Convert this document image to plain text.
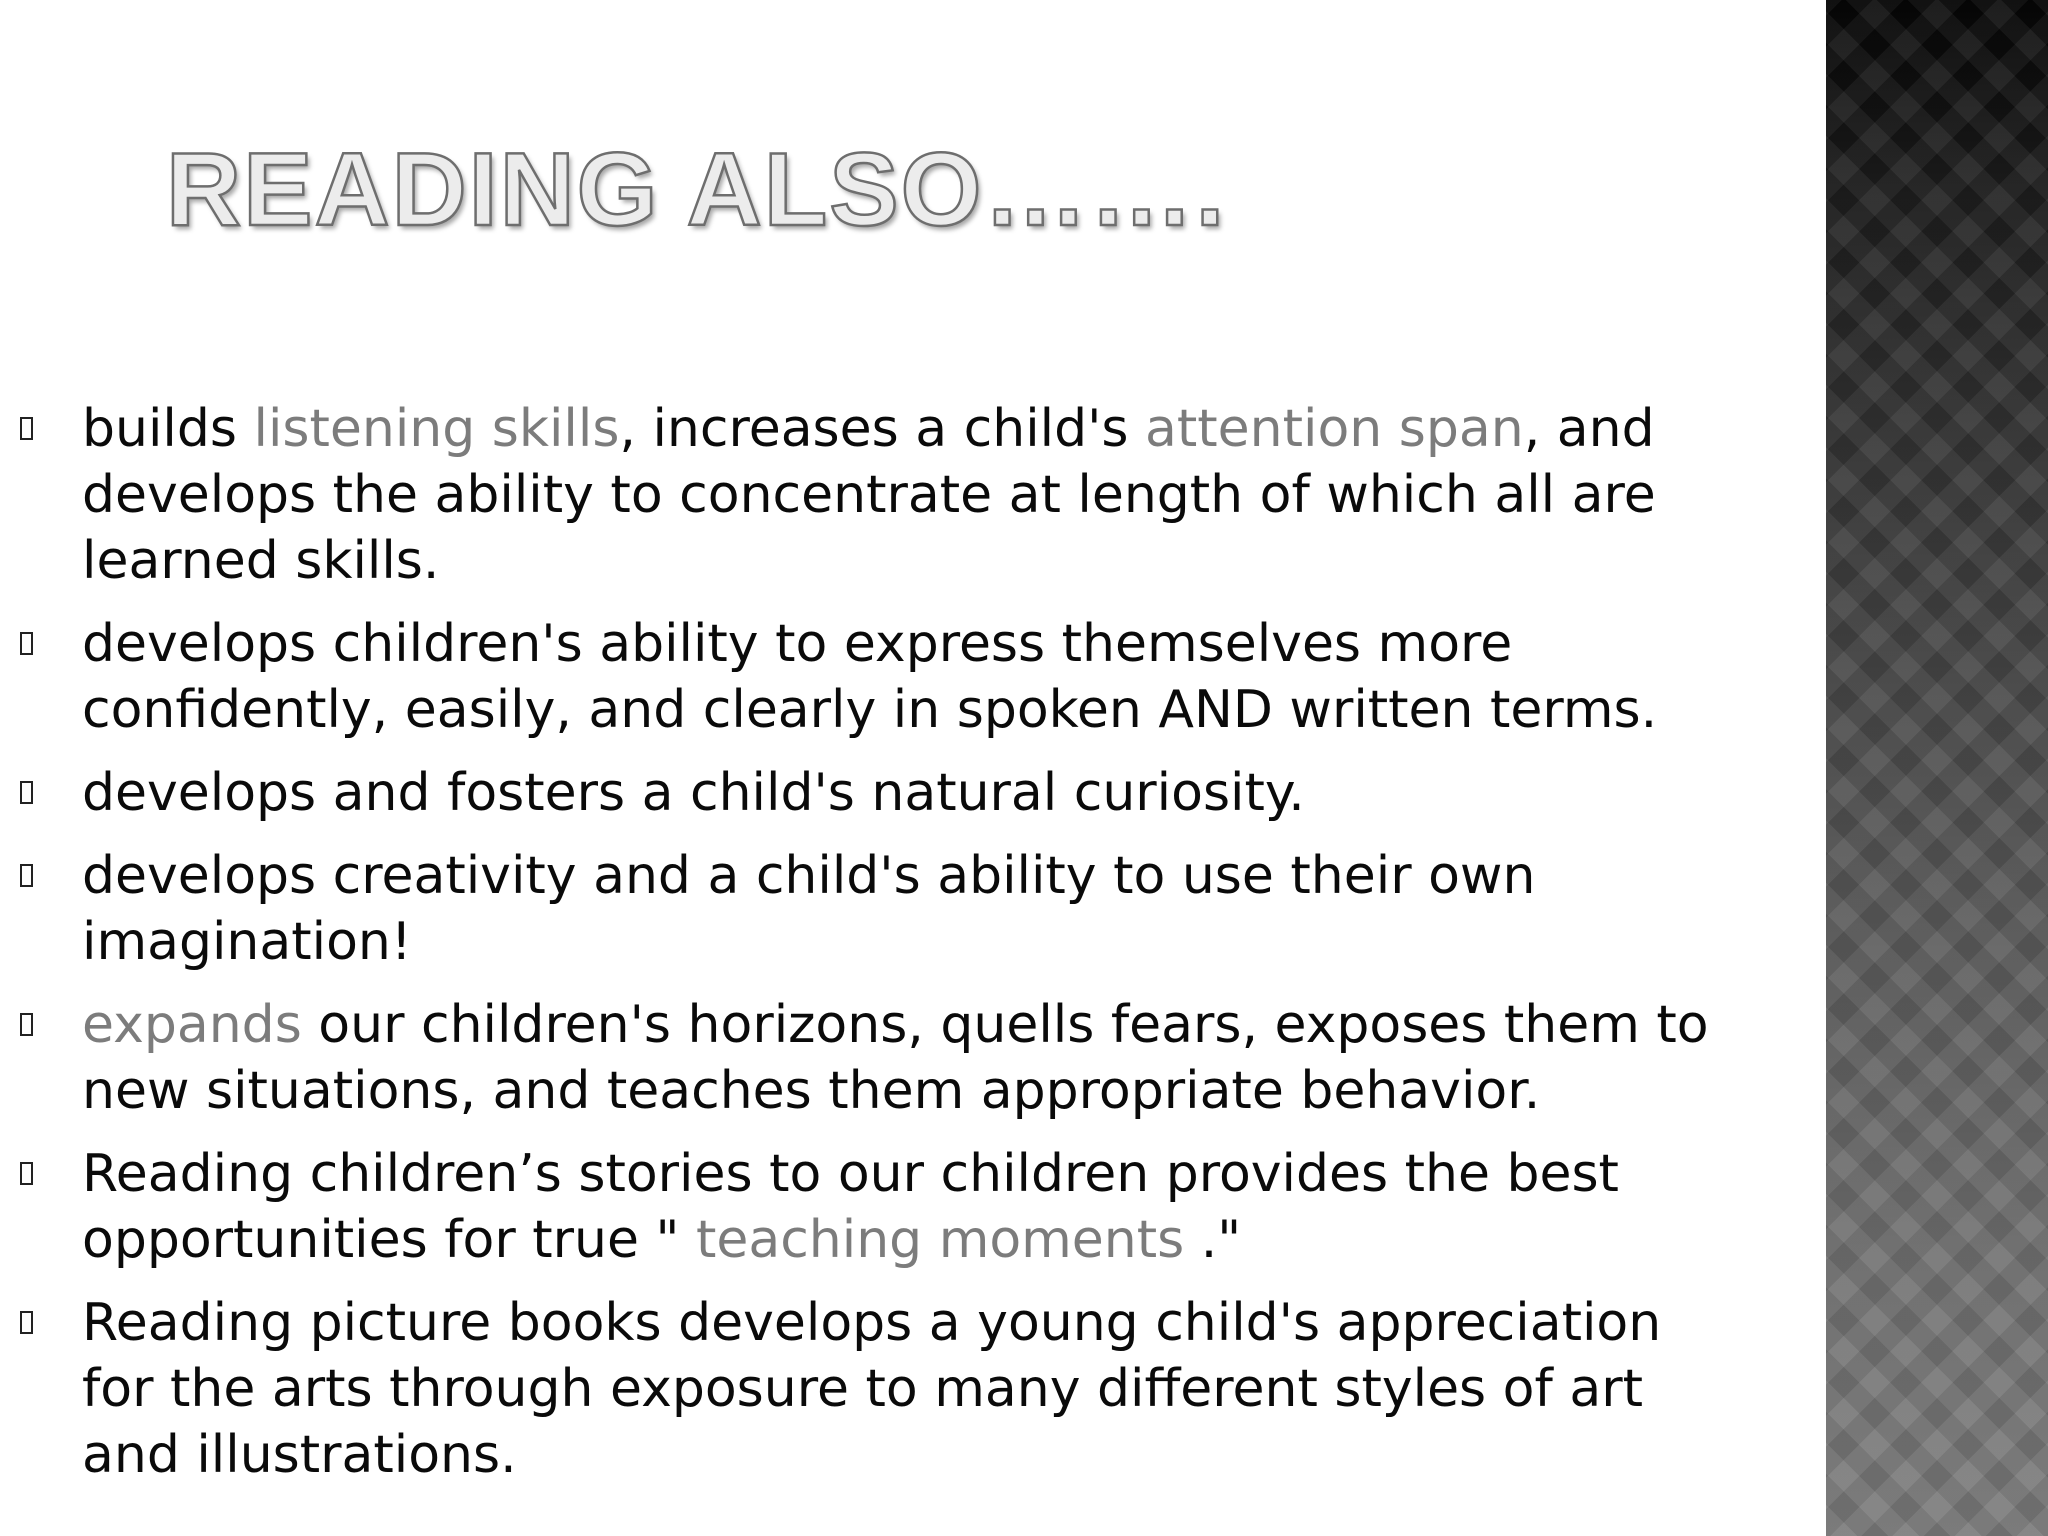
READING ALSO…….
builds listening skills, increases a child's attention span, and develops the ability to concentrate at length of which all are learned skills.
develops children's ability to express themselves more confidently, easily, and clearly in spoken AND written terms.
develops and fosters a child's natural curiosity.
develops creativity and a child's ability to use their own imagination!
expands our children's horizons, quells fears, exposes them to new situations, and teaches them appropriate behavior.
Reading children’s stories to our children provides the best opportunities for true " teaching moments ."
Reading picture books develops a young child's appreciation for the arts through exposure to many different styles of art and illustrations.
